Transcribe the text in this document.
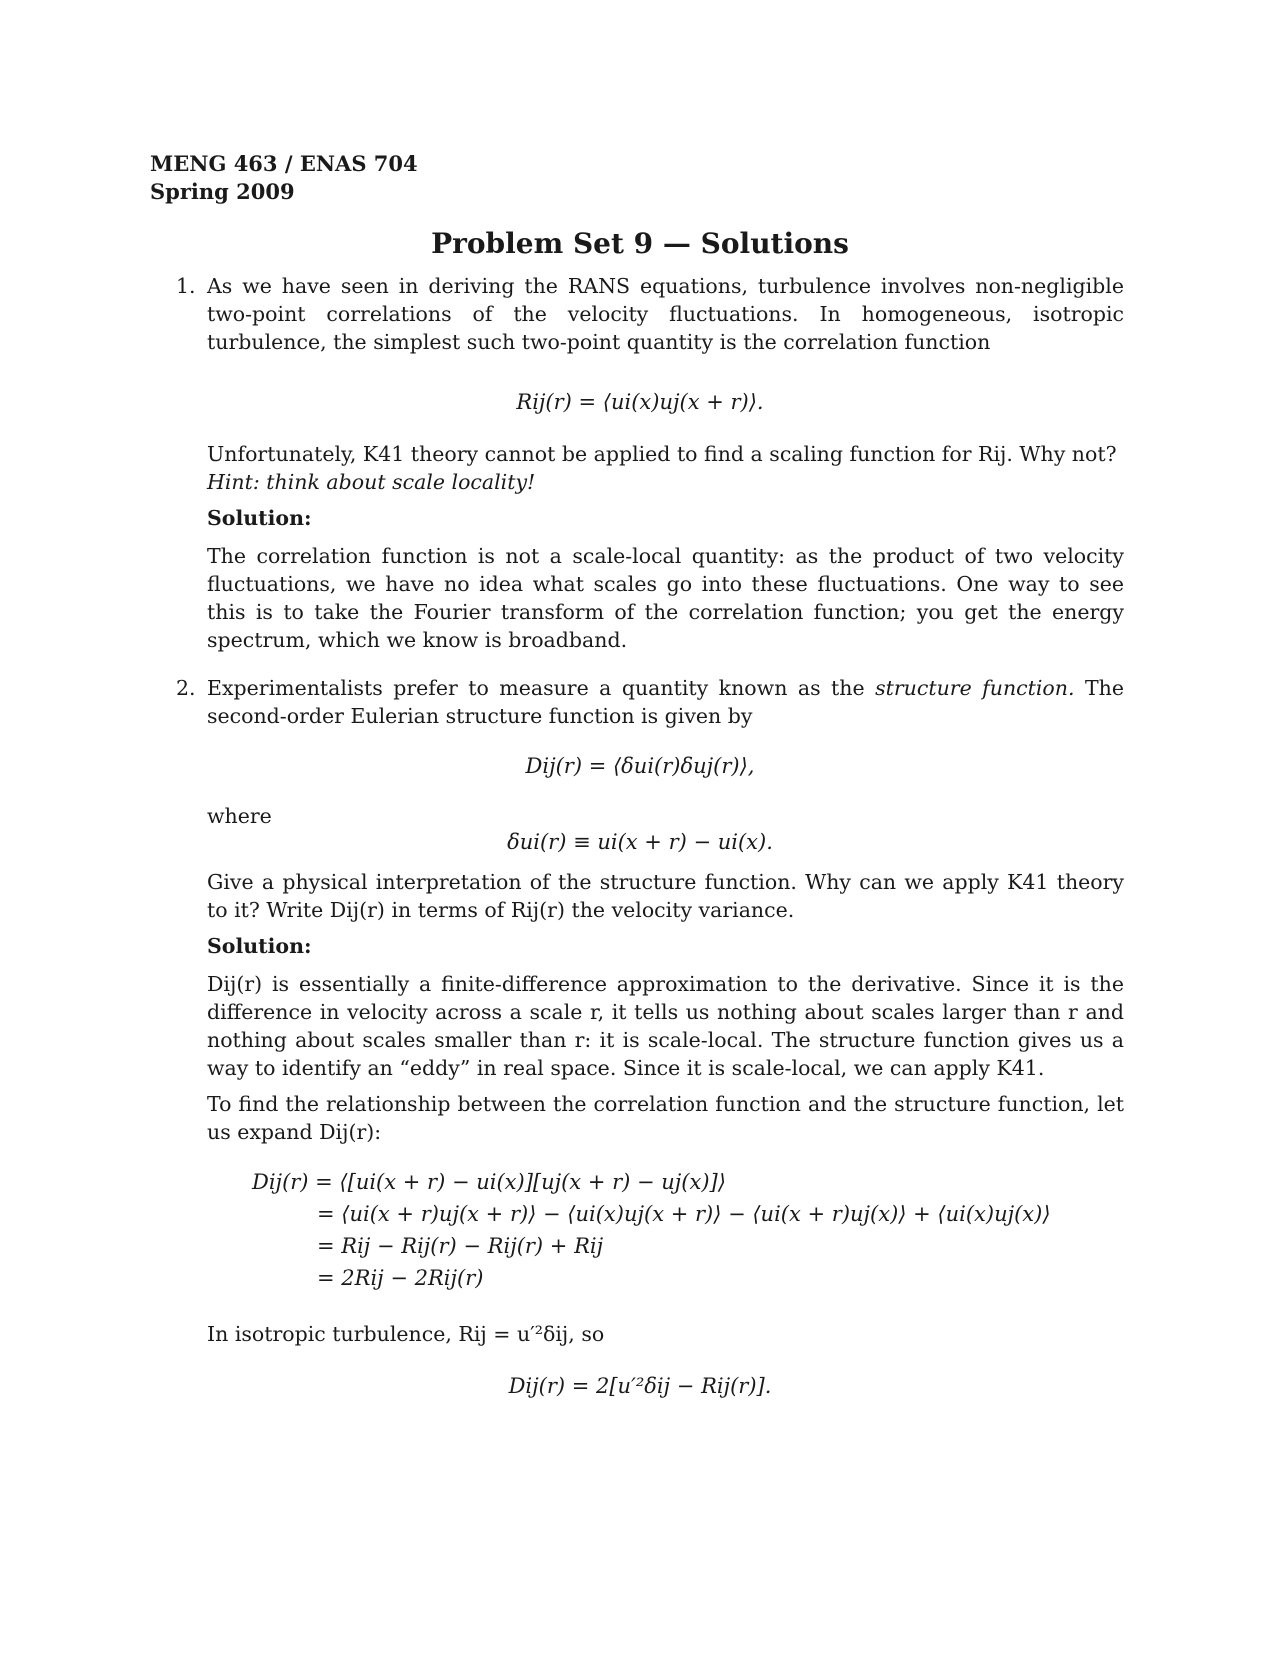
MENG 463 / ENAS 704
Spring 2009
Problem Set 9 — Solutions
1. As we have seen in deriving the RANS equations, turbulence involves non-negligible two-point correlations of the velocity fluctuations. In homogeneous, isotropic turbulence, the simplest such two-point quantity is the correlation function
Rij(r) = ⟨ui(x)uj(x + r)⟩.
Unfortunately, K41 theory cannot be applied to find a scaling function for Rij. Why not?
Hint: think about scale locality!
Solution:
The correlation function is not a scale-local quantity: as the product of two velocity fluctuations, we have no idea what scales go into these fluctuations. One way to see this is to take the Fourier transform of the correlation function; you get the energy spectrum, which we know is broadband.
2. Experimentalists prefer to measure a quantity known as the structure function. The second-order Eulerian structure function is given by
Dij(r) = ⟨δui(r)δuj(r)⟩,
where
δui(r) ≡ ui(x + r) − ui(x).
Give a physical interpretation of the structure function. Why can we apply K41 theory to it? Write Dij(r) in terms of Rij(r) the velocity variance.
Solution:
Dij(r) is essentially a finite-difference approximation to the derivative. Since it is the difference in velocity across a scale r, it tells us nothing about scales larger than r and nothing about scales smaller than r: it is scale-local. The structure function gives us a way to identify an “eddy” in real space. Since it is scale-local, we can apply K41.
To find the relationship between the correlation function and the structure function, let us expand Dij(r):
Dij(r) = ⟨[ui(x + r) − ui(x)][uj(x + r) − uj(x)]⟩
= ⟨ui(x + r)uj(x + r)⟩ − ⟨ui(x)uj(x + r)⟩ − ⟨ui(x + r)uj(x)⟩ + ⟨ui(x)uj(x)⟩
= Rij − Rij(r) − Rij(r) + Rij
= 2Rij − 2Rij(r)
In isotropic turbulence, Rij = u′²δij, so
Dij(r) = 2[u′²δij − Rij(r)].
